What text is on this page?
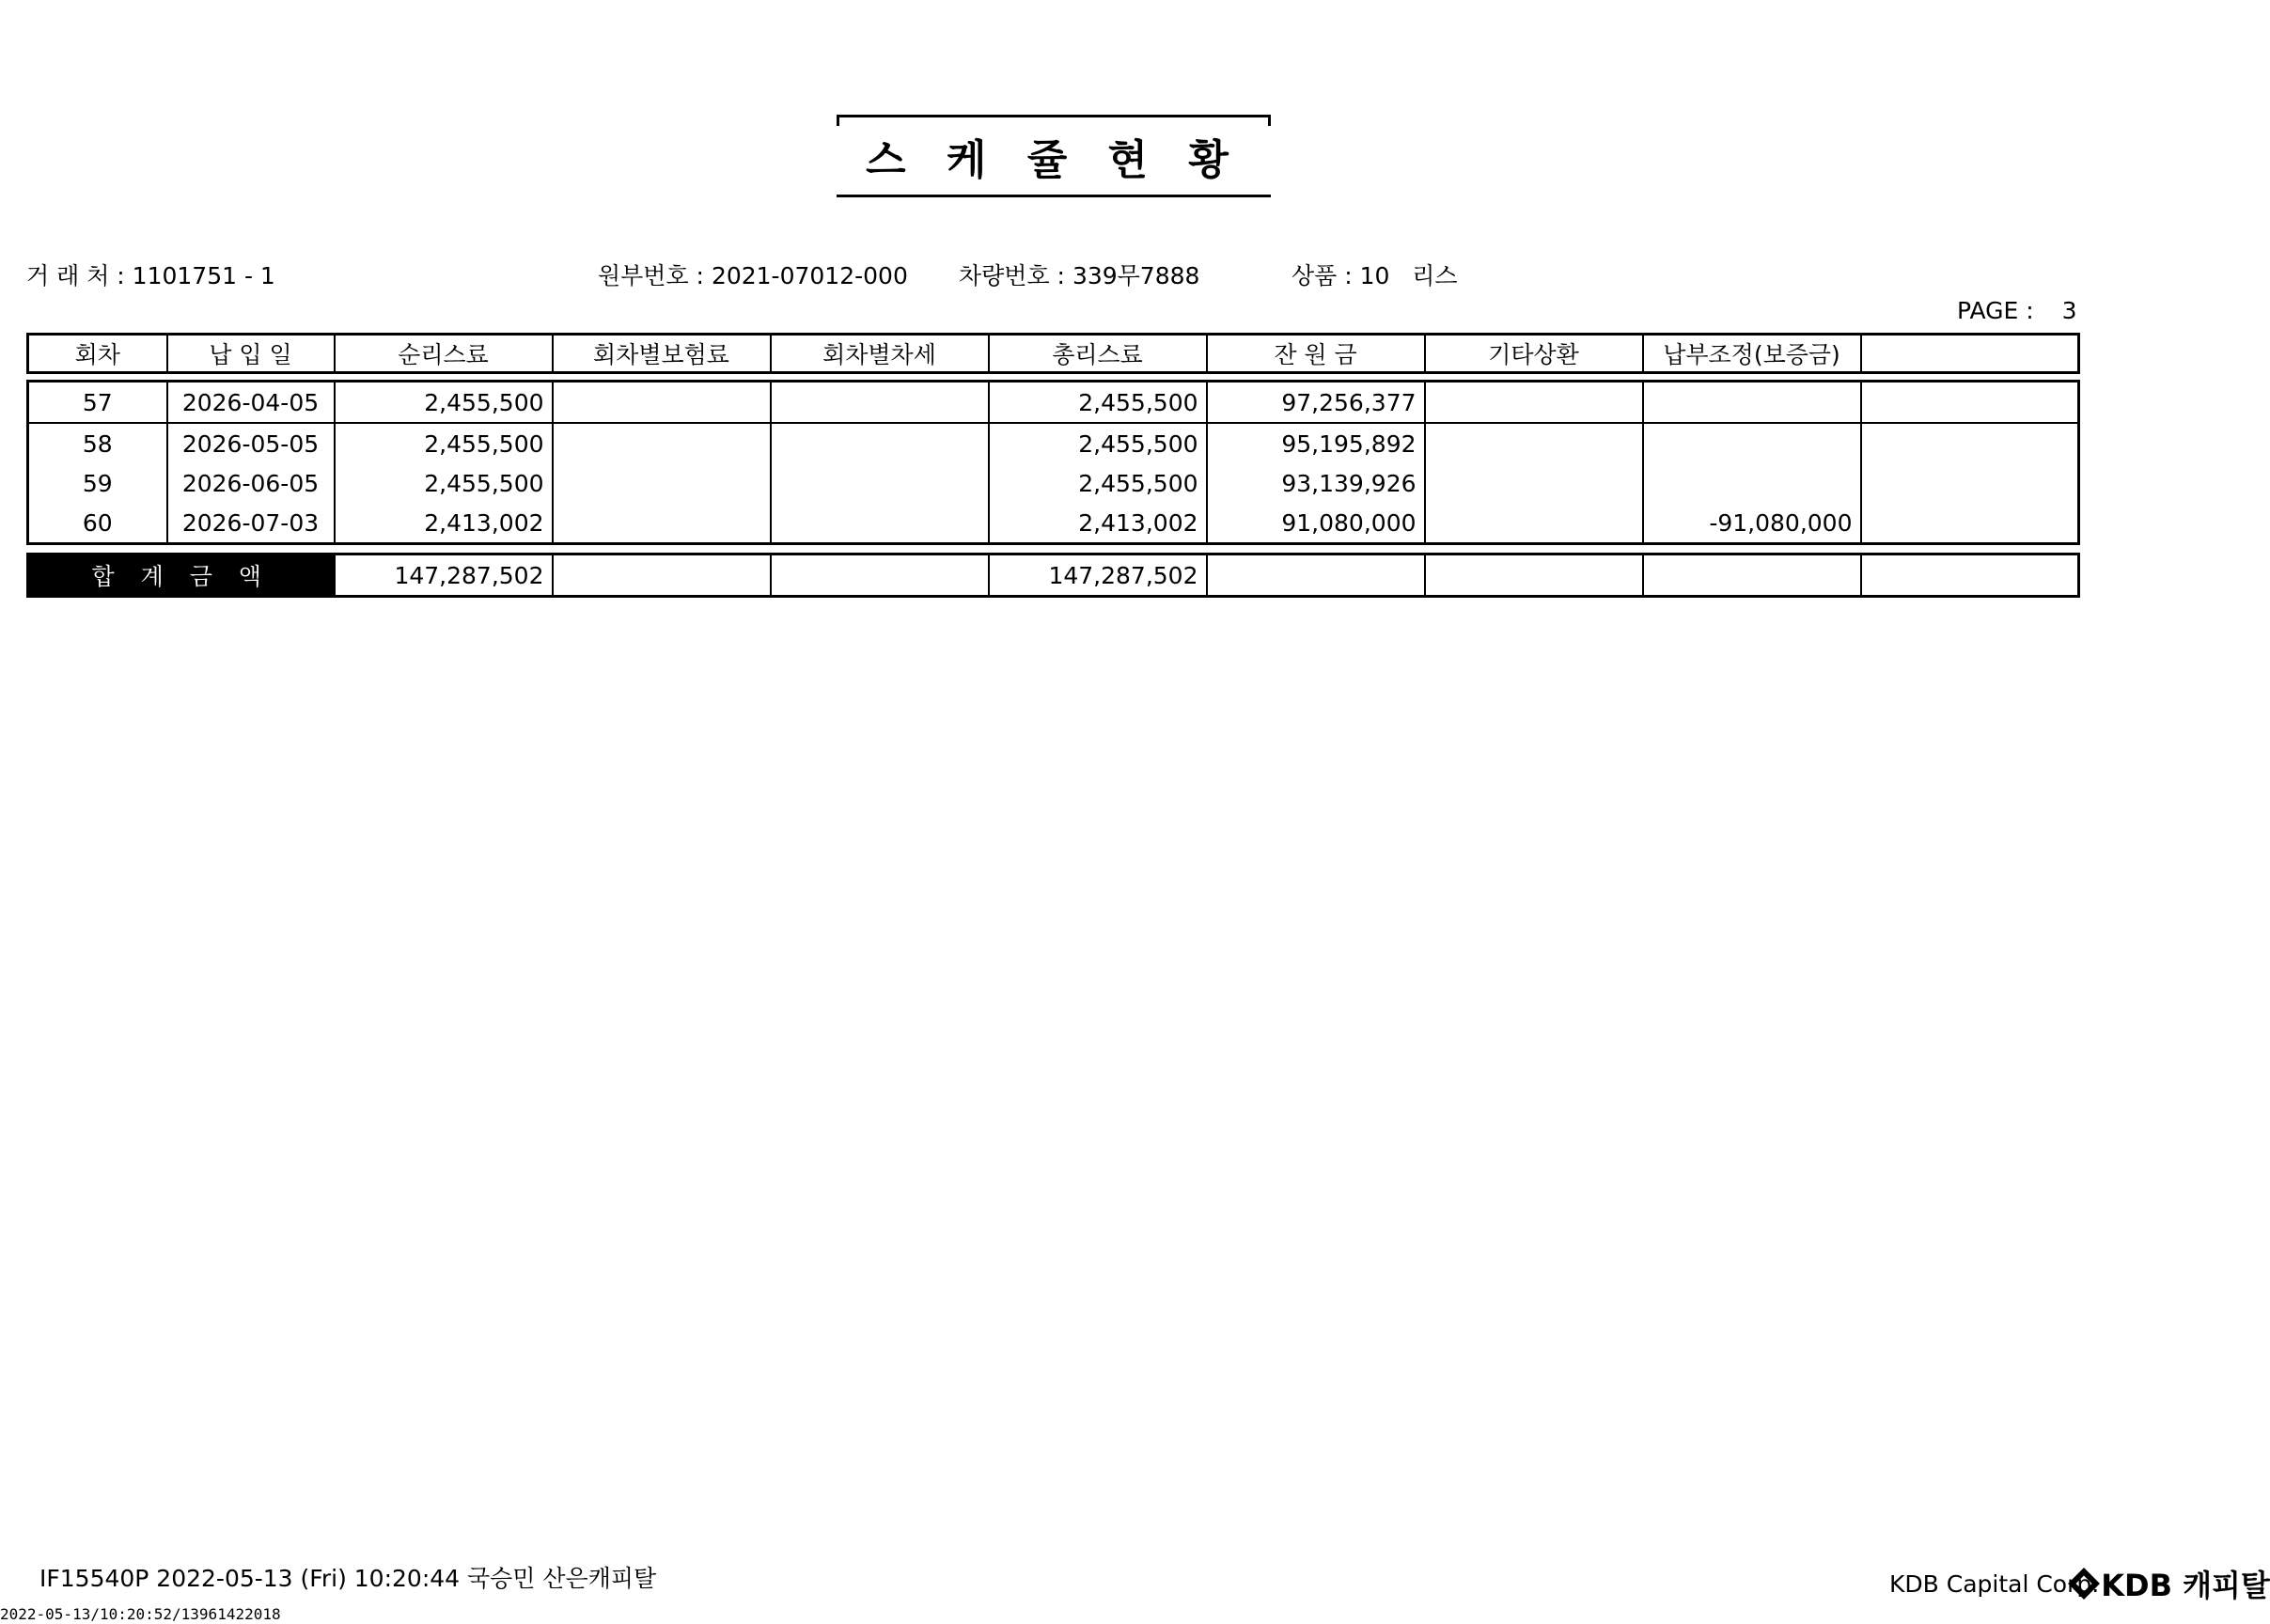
스 케 쥴 현 황
거 래 처 : 1101751 - 1	원부번호 : 2021-07012-000 차량번호 : 339무7888	상품 : 10   리스
PAGE : 3
회차	납 입 일	순리스료	회차별보험료	회차별차세	총리스료	잔 원 금	기타상환	납부조정(보증금)	
57	2026-04-05	2,455,500			2,455,500	97,256,377			
58	2026-05-05	2,455,500			2,455,500	95,195,892			
59	2026-06-05	2,455,500			2,455,500	93,139,926			
60	2026-07-03	2,413,002			2,413,002	91,080,000		-91,080,000	
합 계 금 액	147,287,502			147,287,502				
IF15540P 2022-05-13 (Fri) 10:20:44 국승민 산은캐피탈
2022-05-13/10:20:52/13961422018
KDB Capital Corp. KDB 캐피탈
